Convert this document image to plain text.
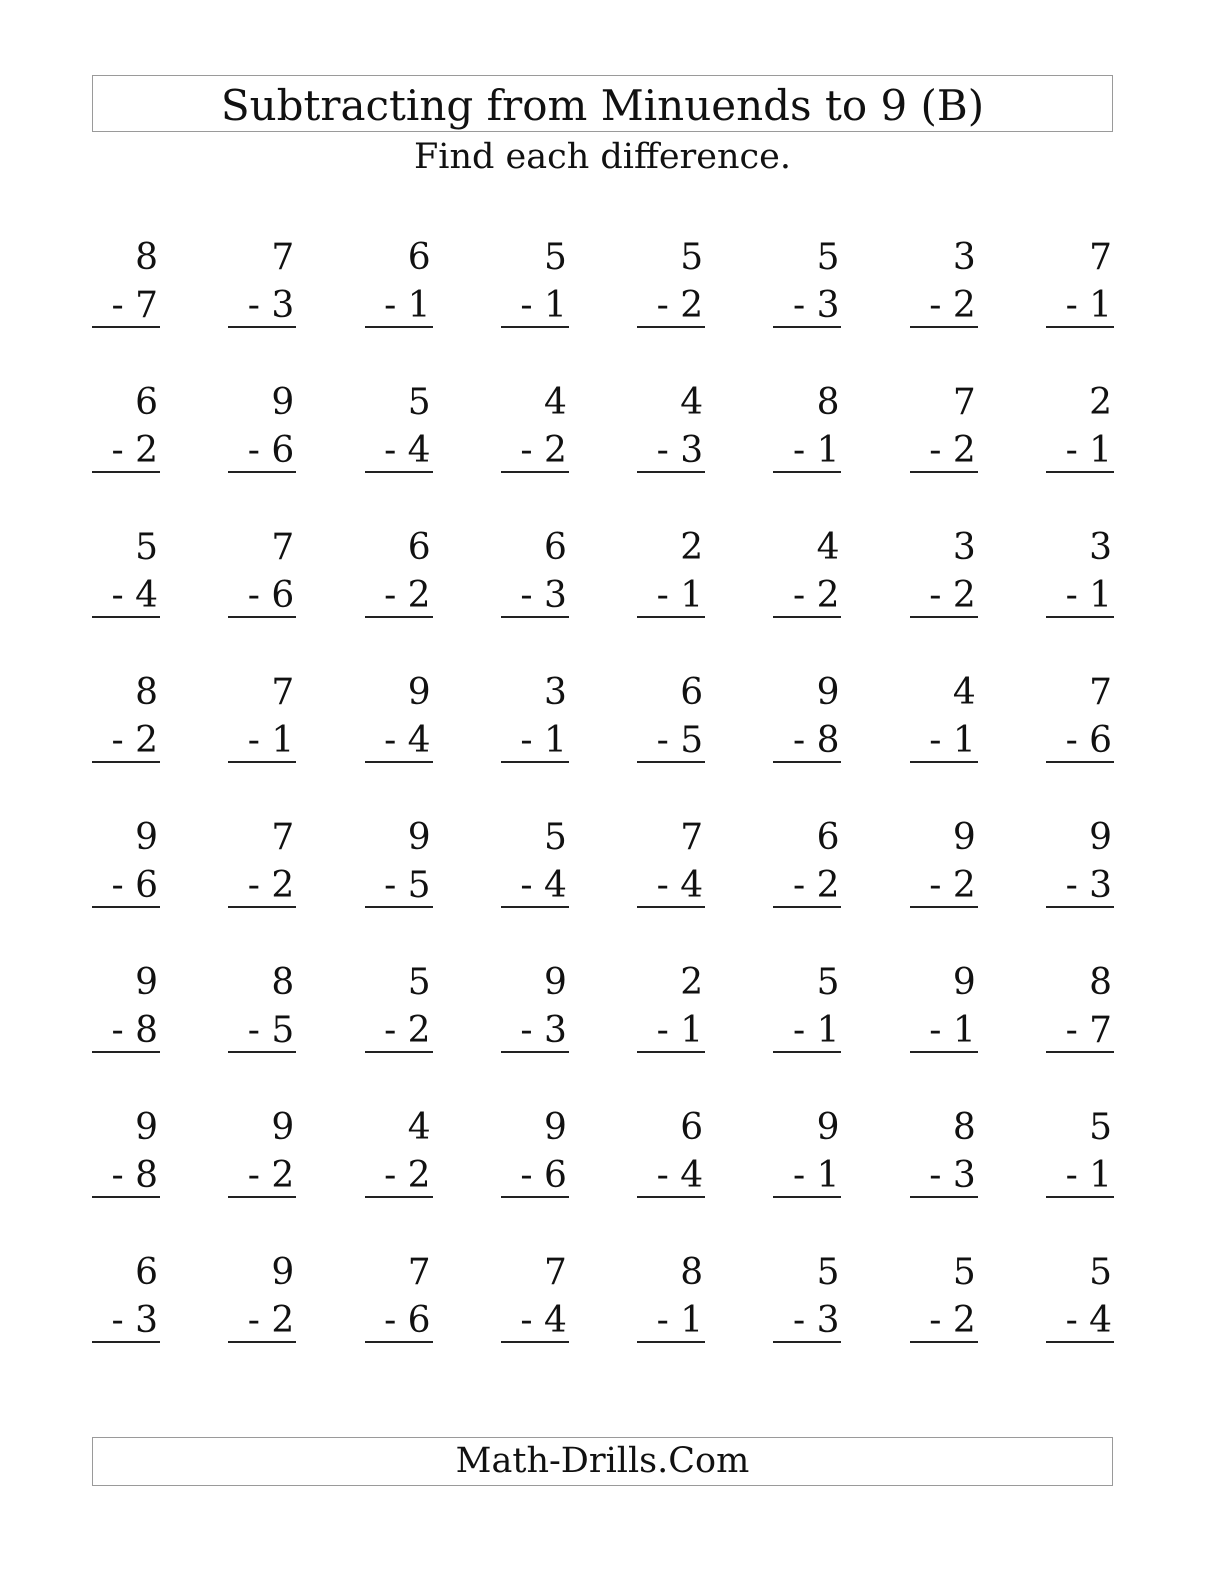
Subtracting from Minuends to 9 (B)
Find each difference.
8
- 7
7
- 3
6
- 1
5
- 1
5
- 2
5
- 3
3
- 2
7
- 1
6
- 2
9
- 6
5
- 4
4
- 2
4
- 3
8
- 1
7
- 2
2
- 1
5
- 4
7
- 6
6
- 2
6
- 3
2
- 1
4
- 2
3
- 2
3
- 1
8
- 2
7
- 1
9
- 4
3
- 1
6
- 5
9
- 8
4
- 1
7
- 6
9
- 6
7
- 2
9
- 5
5
- 4
7
- 4
6
- 2
9
- 2
9
- 3
9
- 8
8
- 5
5
- 2
9
- 3
2
- 1
5
- 1
9
- 1
8
- 7
9
- 8
9
- 2
4
- 2
9
- 6
6
- 4
9
- 1
8
- 3
5
- 1
6
- 3
9
- 2
7
- 6
7
- 4
8
- 1
5
- 3
5
- 2
5
- 4
Math-Drills.Com
